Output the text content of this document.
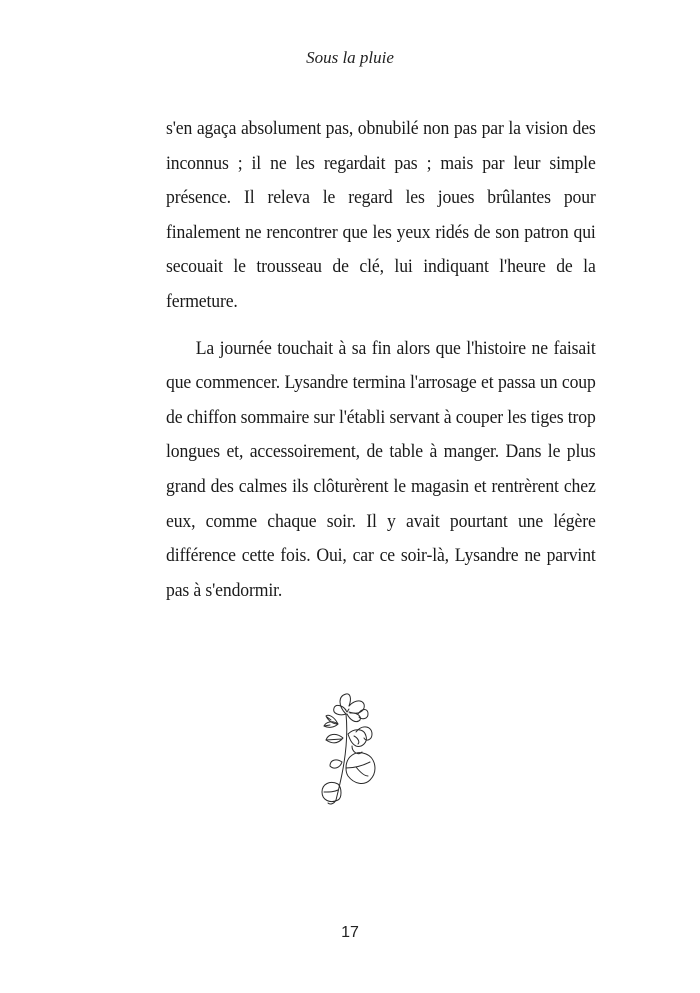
Sous la pluie

s'en agaça absolument pas, obnubilé non pas par la vision des inconnus ; il ne les regardait pas ; mais par leur simple présence. Il releva le regard les joues brûlantes pour finalement ne rencontrer que les yeux ridés de son patron qui secouait le trousseau de clé, lui indiquant l'heure de la fermeture.

La journée touchait à sa fin alors que l'histoire ne faisait que commencer. Lysandre termina l'arrosage et passa un coup de chiffon sommaire sur l'établi servant à couper les tiges trop longues et, accessoirement, de table à manger. Dans le plus grand des calmes ils clôturèrent le magasin et rentrèrent chez eux, comme chaque soir. Il y avait pourtant une légère différence cette fois. Oui, car ce soir-là, Lysandre ne parvint pas à s'endormir.

17
